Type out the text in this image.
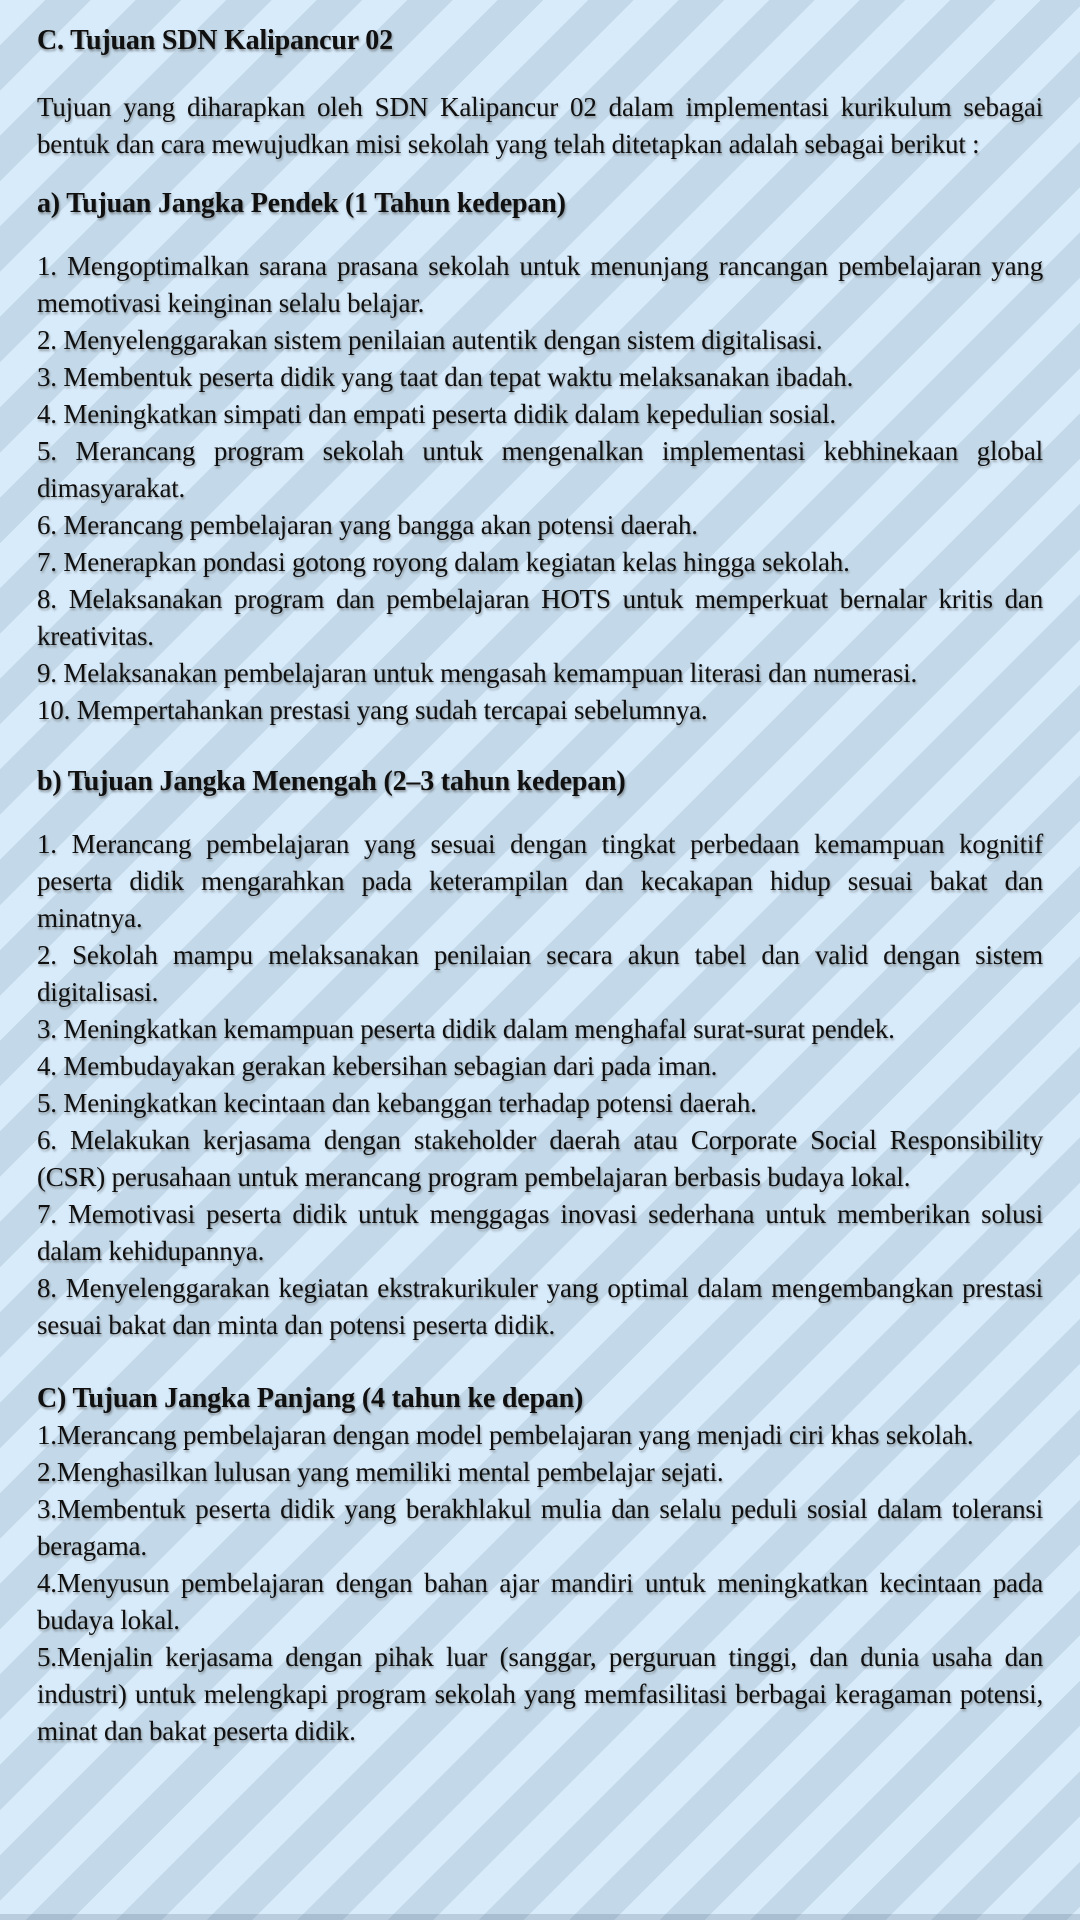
C. Tujuan SDN Kalipancur 02

Tujuan yang diharapkan oleh SDN Kalipancur 02 dalam implementasi kurikulum sebagai bentuk dan cara mewujudkan misi sekolah yang telah ditetapkan adalah sebagai berikut :

a) Tujuan Jangka Pendek (1 Tahun kedepan)

1. Mengoptimalkan sarana prasana sekolah untuk menunjang rancangan pembelajaran yang memotivasi keinginan selalu belajar.

2. Menyelenggarakan sistem penilaian autentik dengan sistem digitalisasi.

3. Membentuk peserta didik yang taat dan tepat waktu melaksanakan ibadah.

4. Meningkatkan simpati dan empati peserta didik dalam kepedulian sosial.

5. Merancang program sekolah untuk mengenalkan implementasi kebhinekaan global dimasyarakat.

6. Merancang pembelajaran yang bangga akan potensi daerah.

7. Menerapkan pondasi gotong royong dalam kegiatan kelas hingga sekolah.

8. Melaksanakan program dan pembelajaran HOTS untuk memperkuat bernalar kritis dan kreativitas.

9. Melaksanakan pembelajaran untuk mengasah kemampuan literasi dan numerasi.

10. Mempertahankan prestasi yang sudah tercapai sebelumnya.

b) Tujuan Jangka Menengah (2–3 tahun kedepan)

1. Merancang pembelajaran yang sesuai dengan tingkat perbedaan kemampuan kognitif peserta didik mengarahkan pada keterampilan dan kecakapan hidup sesuai bakat dan minatnya.

2. Sekolah mampu melaksanakan penilaian secara akun tabel dan valid dengan sistem digitalisasi.

3. Meningkatkan kemampuan peserta didik dalam menghafal surat-surat pendek.

4. Membudayakan gerakan kebersihan sebagian dari pada iman.

5. Meningkatkan kecintaan dan kebanggan terhadap potensi daerah.

6. Melakukan kerjasama dengan stakeholder daerah atau Corporate Social Responsibility (CSR) perusahaan untuk merancang program pembelajaran berbasis budaya lokal.

7. Memotivasi peserta didik untuk menggagas inovasi sederhana untuk memberikan solusi dalam kehidupannya.

8. Menyelenggarakan kegiatan ekstrakurikuler yang optimal dalam mengembangkan prestasi sesuai bakat dan minta dan potensi peserta didik.

C) Tujuan Jangka Panjang (4 tahun ke depan)

1.Merancang pembelajaran dengan model pembelajaran yang menjadi ciri khas sekolah.

2.Menghasilkan lulusan yang memiliki mental pembelajar sejati.

3.Membentuk peserta didik yang berakhlakul mulia dan selalu peduli sosial dalam toleransi beragama.

4.Menyusun pembelajaran dengan bahan ajar mandiri untuk meningkatkan kecintaan pada budaya lokal.

5.Menjalin kerjasama dengan pihak luar (sanggar, perguruan tinggi, dan dunia usaha dan industri) untuk melengkapi program sekolah yang memfasilitasi berbagai keragaman potensi, minat dan bakat peserta didik.
